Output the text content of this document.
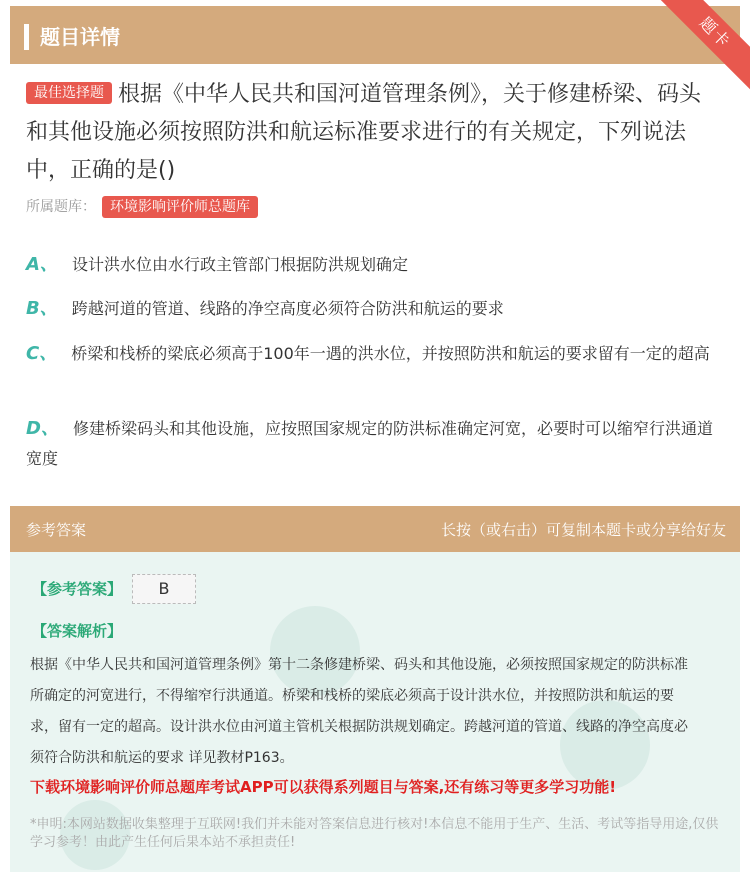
题目详情	题卡
最佳选择题 根据《中华人民共和国河道管理条例》，关于修建桥梁、码头和其他设施必须按照防洪和航运标准要求进行的有关规定，下列说法中，正确的是()
所属题库： 环境影响评价师总题库
A、 设计洪水位由水行政主管部门根据防洪规划确定
B、 跨越河道的管道、线路的净空高度必须符合防洪和航运的要求
C、 桥梁和栈桥的梁底必须高于100年一遇的洪水位，并按照防洪和航运的要求留有一定的超高
D、 修建桥梁码头和其他设施，应按照国家规定的防洪标准确定河宽，必要时可以缩窄行洪通道宽度
参考答案	长按（或右击）可复制本题卡或分享给好友
【参考答案】	B
【答案解析】
根据《中华人民共和国河道管理条例》第十二条修建桥梁、码头和其他设施，必须按照国家规定的防洪标准所确定的河宽进行，不得缩窄行洪通道。桥梁和栈桥的梁底必须高于设计洪水位，并按照防洪和航运的要求，留有一定的超高。设计洪水位由河道主管机关根据防洪规划确定。跨越河道的管道、线路的净空高度必须符合防洪和航运的要求 详见教材P163。
下载环境影响评价师总题库考试APP可以获得系列题目与答案,还有练习等更多学习功能!
*申明:本网站数据收集整理于互联网!我们并未能对答案信息进行核对!本信息不能用于生产、生活、考试等指导用途,仅供学习参考！由此产生任何后果本站不承担责任!
